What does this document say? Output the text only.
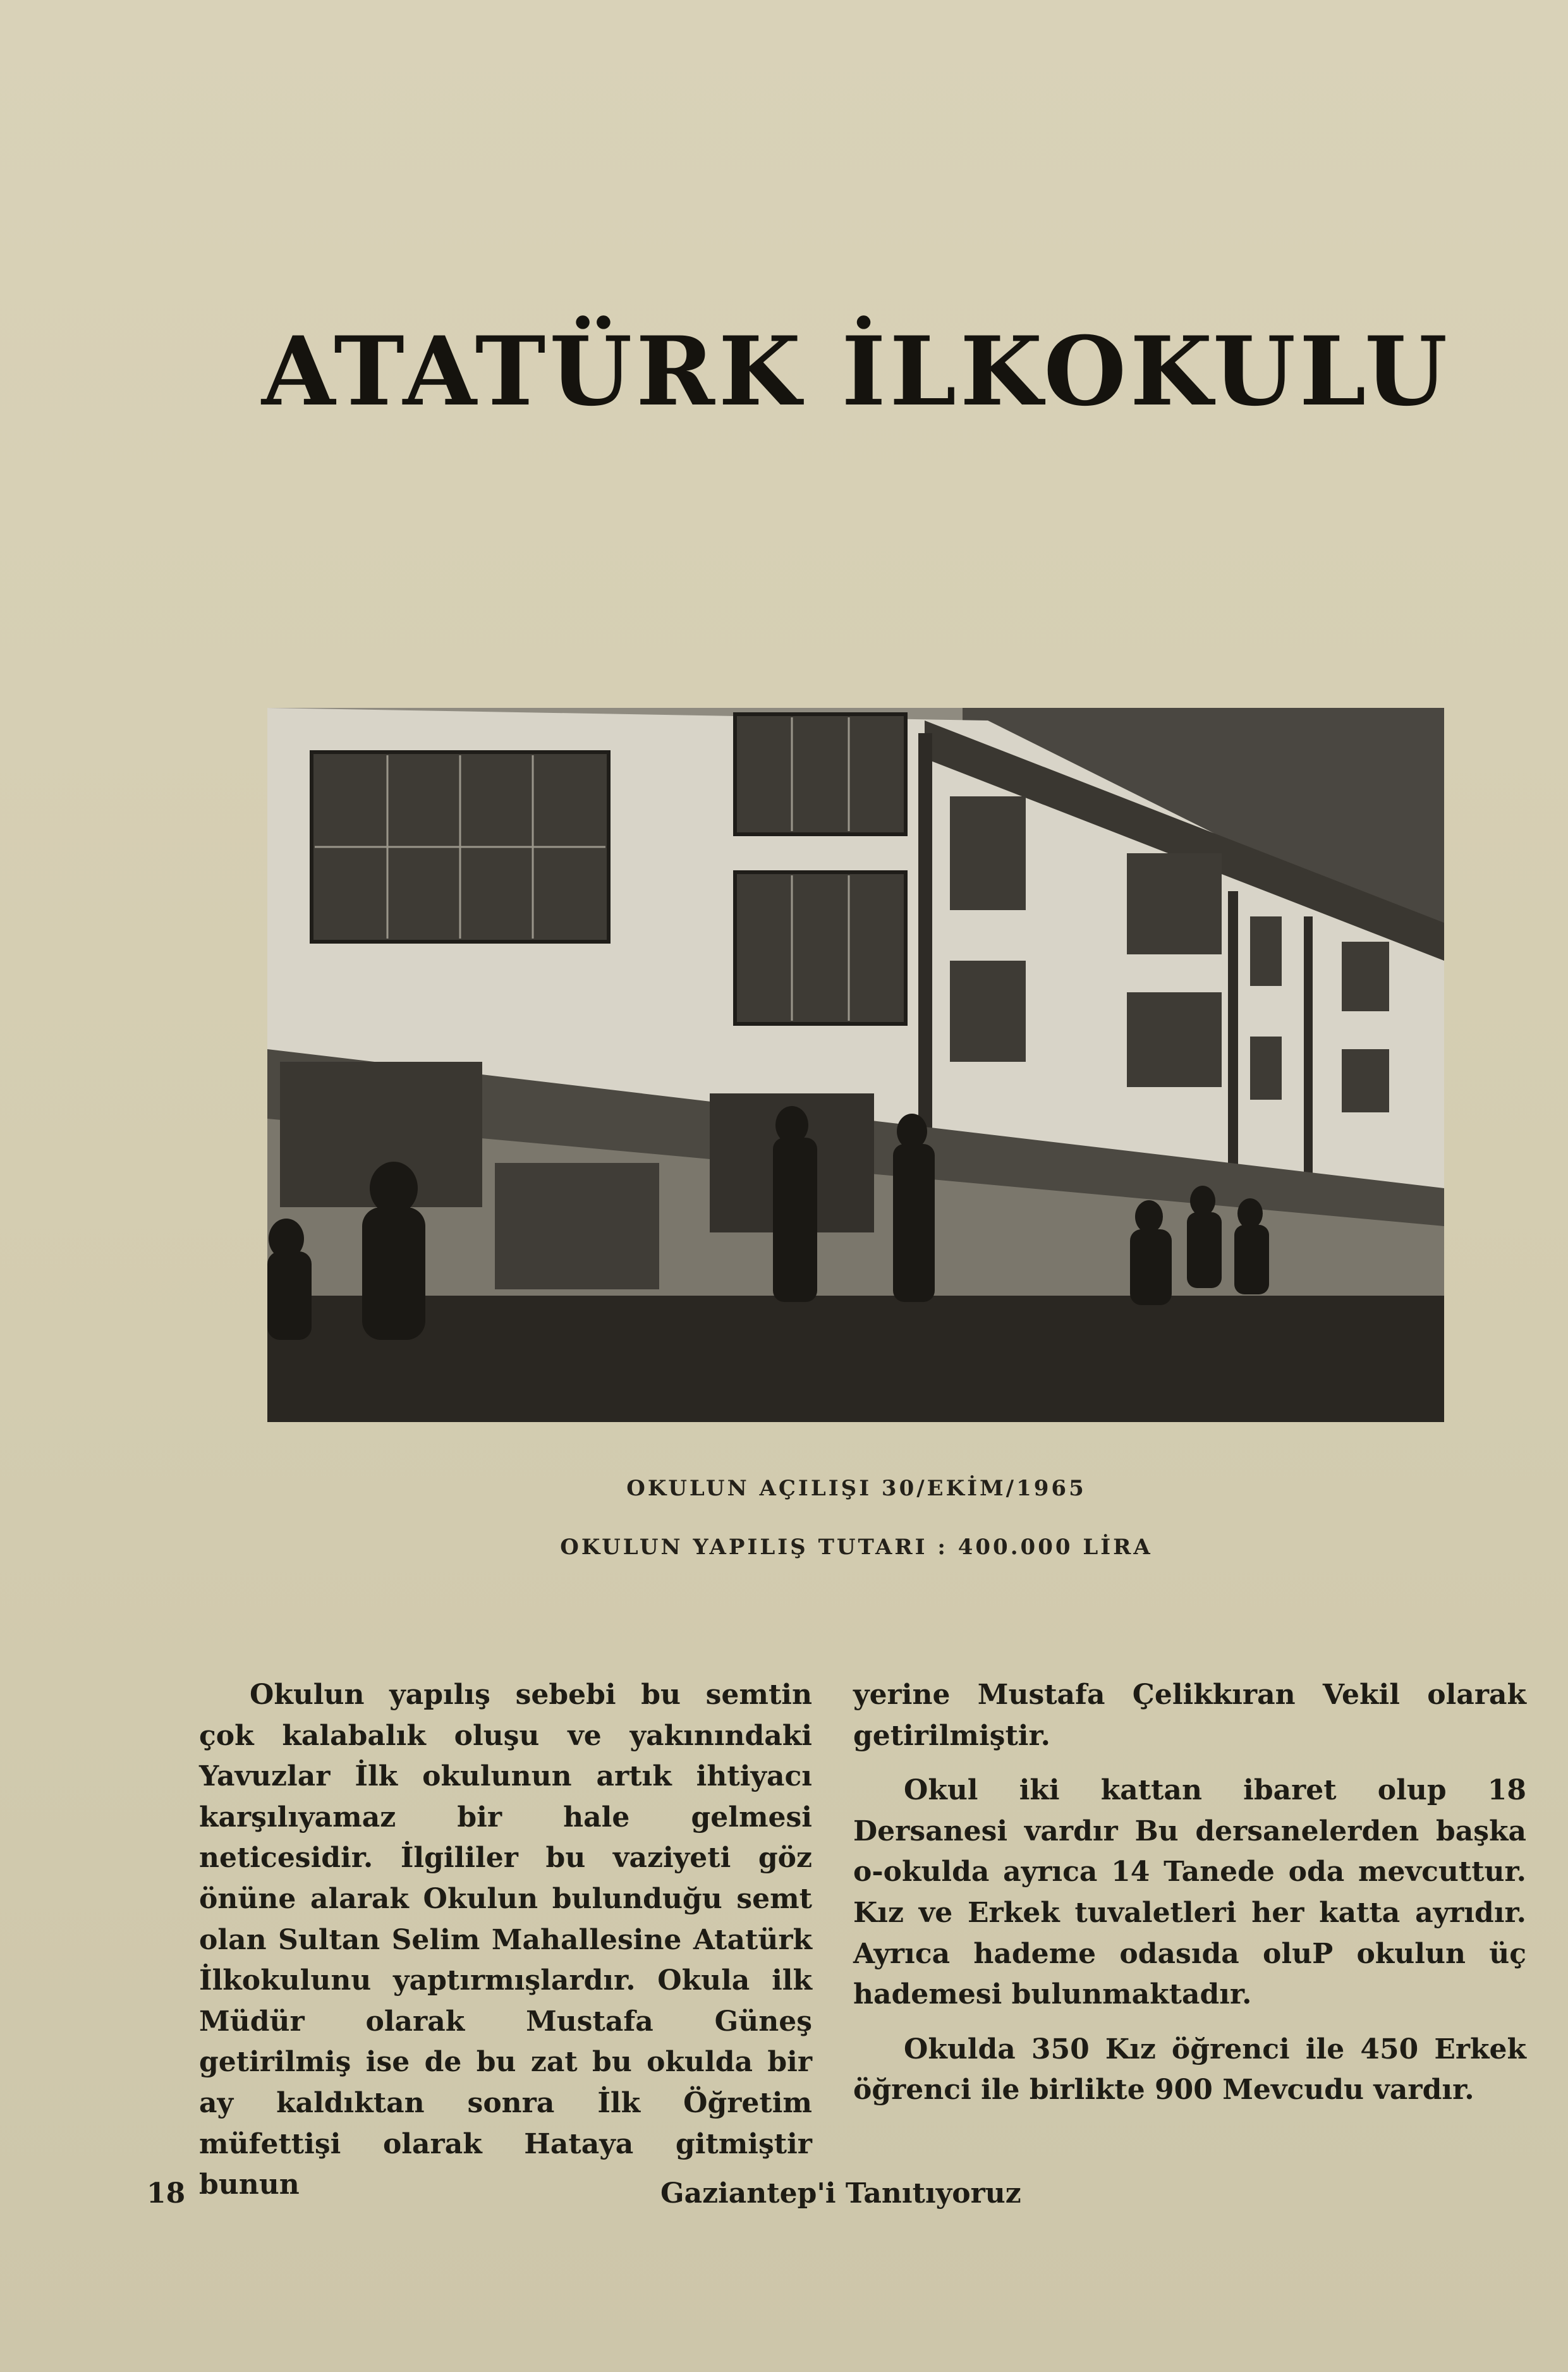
ATATÜRK İLKOKULU
OKULUN AÇILIŞI 30/EKİM/1965
OKULUN YAPILIŞ TUTARI : 400.000 LİRA

Okulun yapılış sebebi bu semtin çok kalabalık oluşu ve yakınındaki Yavuzlar İlk okulunun artık ihtiyacı karşılıyamaz bir hale gelmesi neticesidir. İlgililer bu vaziyeti göz önüne alarak Okulun bulunduğu semt olan Sultan Selim Mahallesine Atatürk İlkokulunu yaptırmışlardır. Okula ilk Müdür olarak Mustafa Güneş getirilmiş ise de bu zat bu okulda bir ay kaldıktan sonra İlk Öğretim müfettişi olarak Hataya gitmiştir bunun

yerine Mustafa Çelikkıran Vekil olarak getirilmiştir.

Okul iki kattan ibaret olup 18 Dersanesi vardır Bu dersanelerden başka o-okulda ayrıca 14 Tanede oda mevcuttur. Kız ve Erkek tuvaletleri her katta ayrıdır. Ayrıca hademe odasıda oluP okulun üç hademesi bulunmaktadır.

Okulda 350 Kız öğrenci ile 450 Erkek öğrenci ile birlikte 900 Mevcudu vardır.

18	Gaziantep'i Tanıtıyoruz
